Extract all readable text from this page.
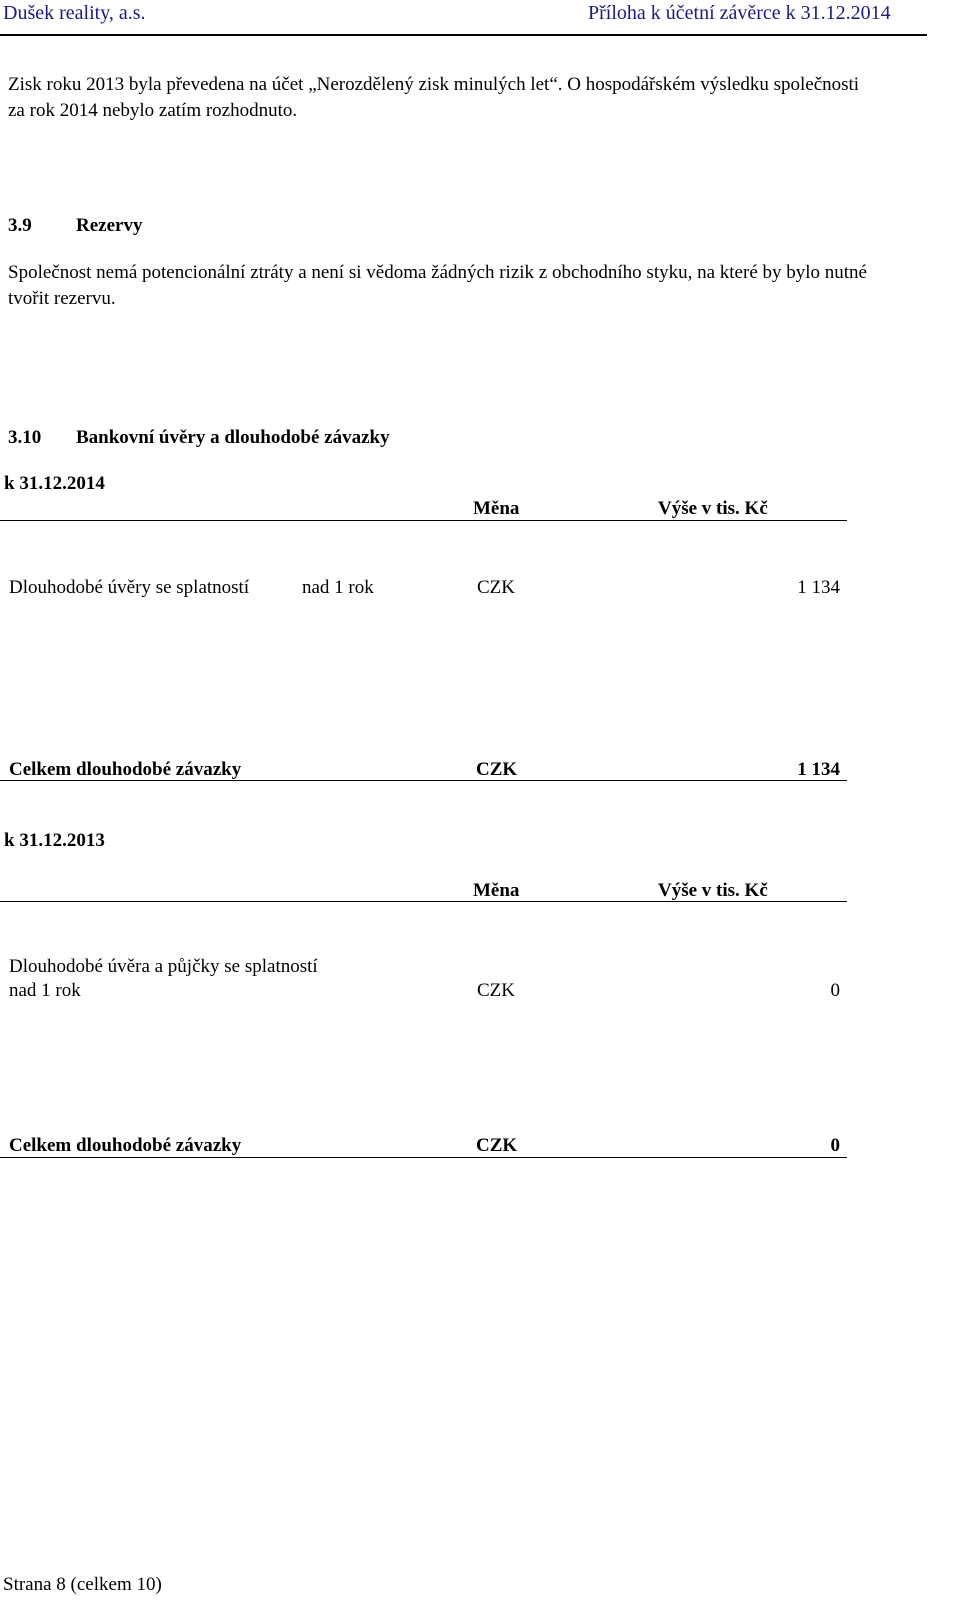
Dušek reality, a.s.	Příloha k účetní závěrce k 31.12.2014
Zisk roku 2013 byla převedena na účet „Nerozdělený zisk minulých let“. O hospodářském výsledku společnosti
za rok 2014 nebylo zatím rozhodnuto.
3.9 Rezervy
Společnost nemá potencionální ztráty a není si vědoma žádných rizik z obchodního styku, na které by bylo nutné
tvořit rezervu.
3.10 Bankovní úvěry a dlouhodobé závazky
k 31.12.2014
Měna	Výše v tis. Kč
Dlouhodobé úvěry se splatností	nad 1 rok	CZK	1 134
Celkem dlouhodobé závazky	CZK	1 134
k 31.12.2013
Měna	Výše v tis. Kč
Dlouhodobé úvěra a půjčky se splatností
nad 1 rok	CZK	0
Celkem dlouhodobé závazky	CZK	0
Strana 8 (celkem 10)
